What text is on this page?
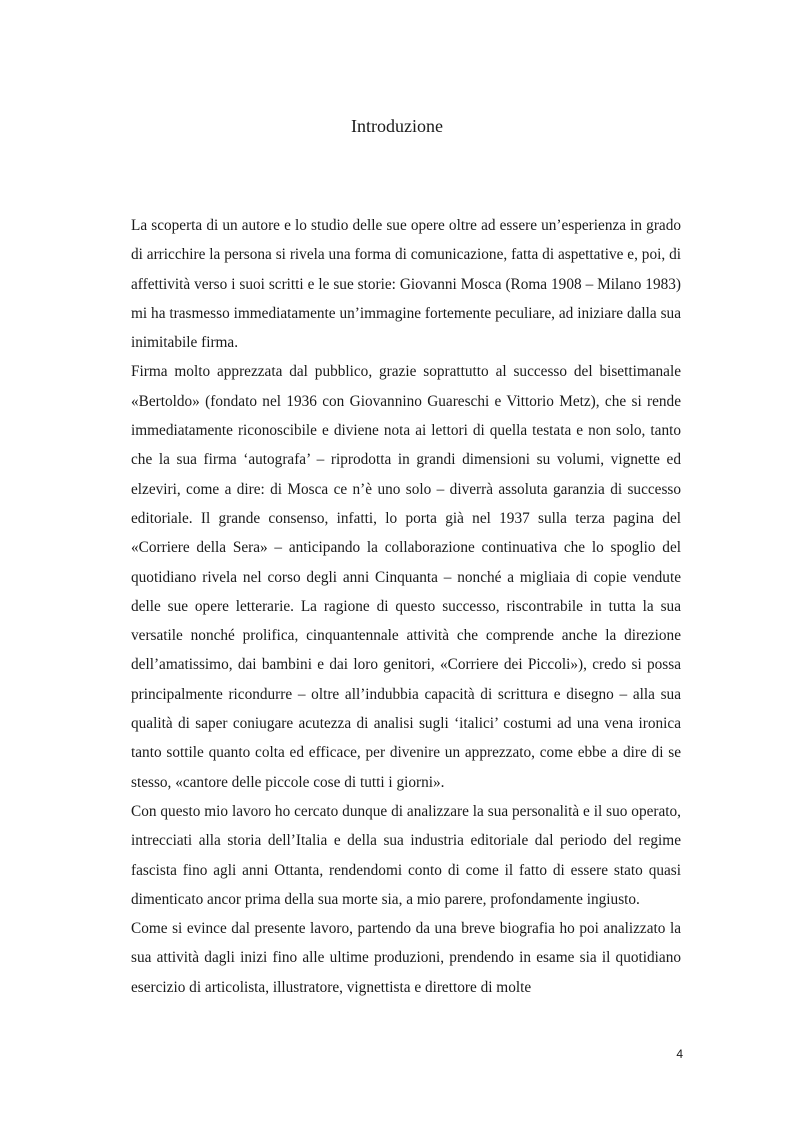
Introduzione

La scoperta di un autore e lo studio delle sue opere oltre ad essere un’esperienza in grado di arricchire la persona si rivela una forma di comunicazione, fatta di aspettative e, poi, di affettività verso i suoi scritti e le sue storie: Giovanni Mosca (Roma 1908 – Milano 1983) mi ha trasmesso immediatamente un’immagine fortemente peculiare, ad iniziare dalla sua inimitabile firma.

Firma molto apprezzata dal pubblico, grazie soprattutto al successo del bisettimanale «Bertoldo» (fondato nel 1936 con Giovannino Guareschi e Vittorio Metz), che si rende immediatamente riconoscibile e diviene nota ai lettori di quella testata e non solo, tanto che la sua firma ‘autografa’ – riprodotta in grandi dimensioni su volumi, vignette ed elzeviri, come a dire: di Mosca ce n’è uno solo – diverrà assoluta garanzia di successo editoriale. Il grande consenso, infatti, lo porta già nel 1937 sulla terza pagina del «Corriere della Sera» – anticipando la collaborazione continuativa che lo spoglio del quotidiano rivela nel corso degli anni Cinquanta – nonché a migliaia di copie vendute delle sue opere letterarie. La ragione di questo successo, riscontrabile in tutta la sua versatile nonché prolifica, cinquantennale attività che comprende anche la direzione dell’amatissimo, dai bambini e dai loro genitori, «Corriere dei Piccoli»), credo si possa principalmente ricondurre – oltre all’indubbia capacità di scrittura e disegno – alla sua qualità di saper coniugare acutezza di analisi sugli ‘italici’ costumi ad una vena ironica tanto sottile quanto colta ed efficace, per divenire un apprezzato, come ebbe a dire di se stesso, «cantore delle piccole cose di tutti i giorni».

Con questo mio lavoro ho cercato dunque di analizzare la sua personalità e il suo operato, intrecciati alla storia dell’Italia e della sua industria editoriale dal periodo del regime fascista fino agli anni Ottanta, rendendomi conto di come il fatto di essere stato quasi dimenticato ancor prima della sua morte sia, a mio parere, profondamente ingiusto.

Come si evince dal presente lavoro, partendo da una breve biografia ho poi analizzato la sua attività dagli inizi fino alle ultime produzioni, prendendo in esame sia il quotidiano esercizio di articolista, illustratore, vignettista e direttore di molte

4
